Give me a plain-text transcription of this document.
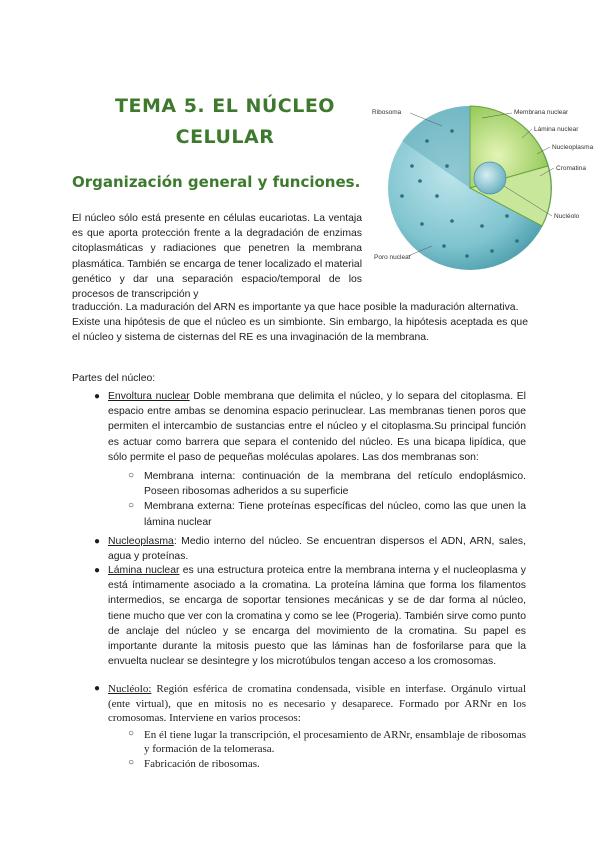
TEMA 5. EL NÚCLEO
CELULAR
Organización general y funciones.
Ribosoma	Membrana nuclear
Lámina nuclear
Nucleoplasma
Cromatina
Nucléolo
Poro nuclear

El núcleo sólo está presente en células eucariotas. La ventaja es que aporta protección frente a la degradación de enzimas citoplasmáticas y radiaciones que penetren la membrana plasmática. También se encarga de tener localizado el material genético y dar una separación espacio/temporal de los procesos de transcripción y

traducción. La maduración del ARN es importante ya que hace posible la maduración alternativa.
Existe una hipótesis de que el núcleo es un simbionte. Sin embargo, la hipótesis aceptada es que el núcleo y sistema de cisternas del RE es una invaginación de la membrana.

Partes del núcleo:

● Envoltura nuclear Doble membrana que delimita el núcleo, y lo separa del citoplasma. El espacio entre ambas se denomina espacio perinuclear. Las membranas tienen poros que permiten el intercambio de sustancias entre el núcleo y el citoplasma.Su principal función es actuar como barrera que separa el contenido del núcleo. Es una bicapa lipídica, que sólo permite el paso de pequeñas moléculas apolares. Las dos membranas son:
○ Membrana interna: continuación de la membrana del retículo endoplásmico. Poseen ribosomas adheridos a su superficie
○ Membrana externa: Tiene proteínas específicas del núcleo, como las que unen la lámina nuclear
● Nucleoplasma: Medio interno del núcleo. Se encuentran dispersos el ADN, ARN, sales, agua y proteínas.
● Lámina nuclear es una estructura proteica entre la membrana interna y el nucleoplasma y está íntimamente asociado a la cromatina. La proteína lámina que forma los filamentos intermedios, se encarga de soportar tensiones mecánicas y se de dar forma al núcleo, tiene mucho que ver con la cromatina y como se lee (Progeria). También sirve como punto de anclaje del núcleo y se encarga del movimiento de la cromatina. Su papel es importante durante la mitosis puesto que las láminas han de fosforilarse para que la envuelta nuclear se desintegre y los microtúbulos tengan acceso a los cromosomas.
● Nucléolo: Región esférica de cromatina condensada, visible en interfase. Orgánulo virtual (ente virtual), que en mitosis no es necesario y desaparece. Formado por ARNr en los cromosomas. Interviene en varios procesos:
○ En él tiene lugar la transcripción, el procesamiento de ARNr, ensamblaje de ribosomas y formación de la telomerasa.
○ Fabricación de ribosomas.
